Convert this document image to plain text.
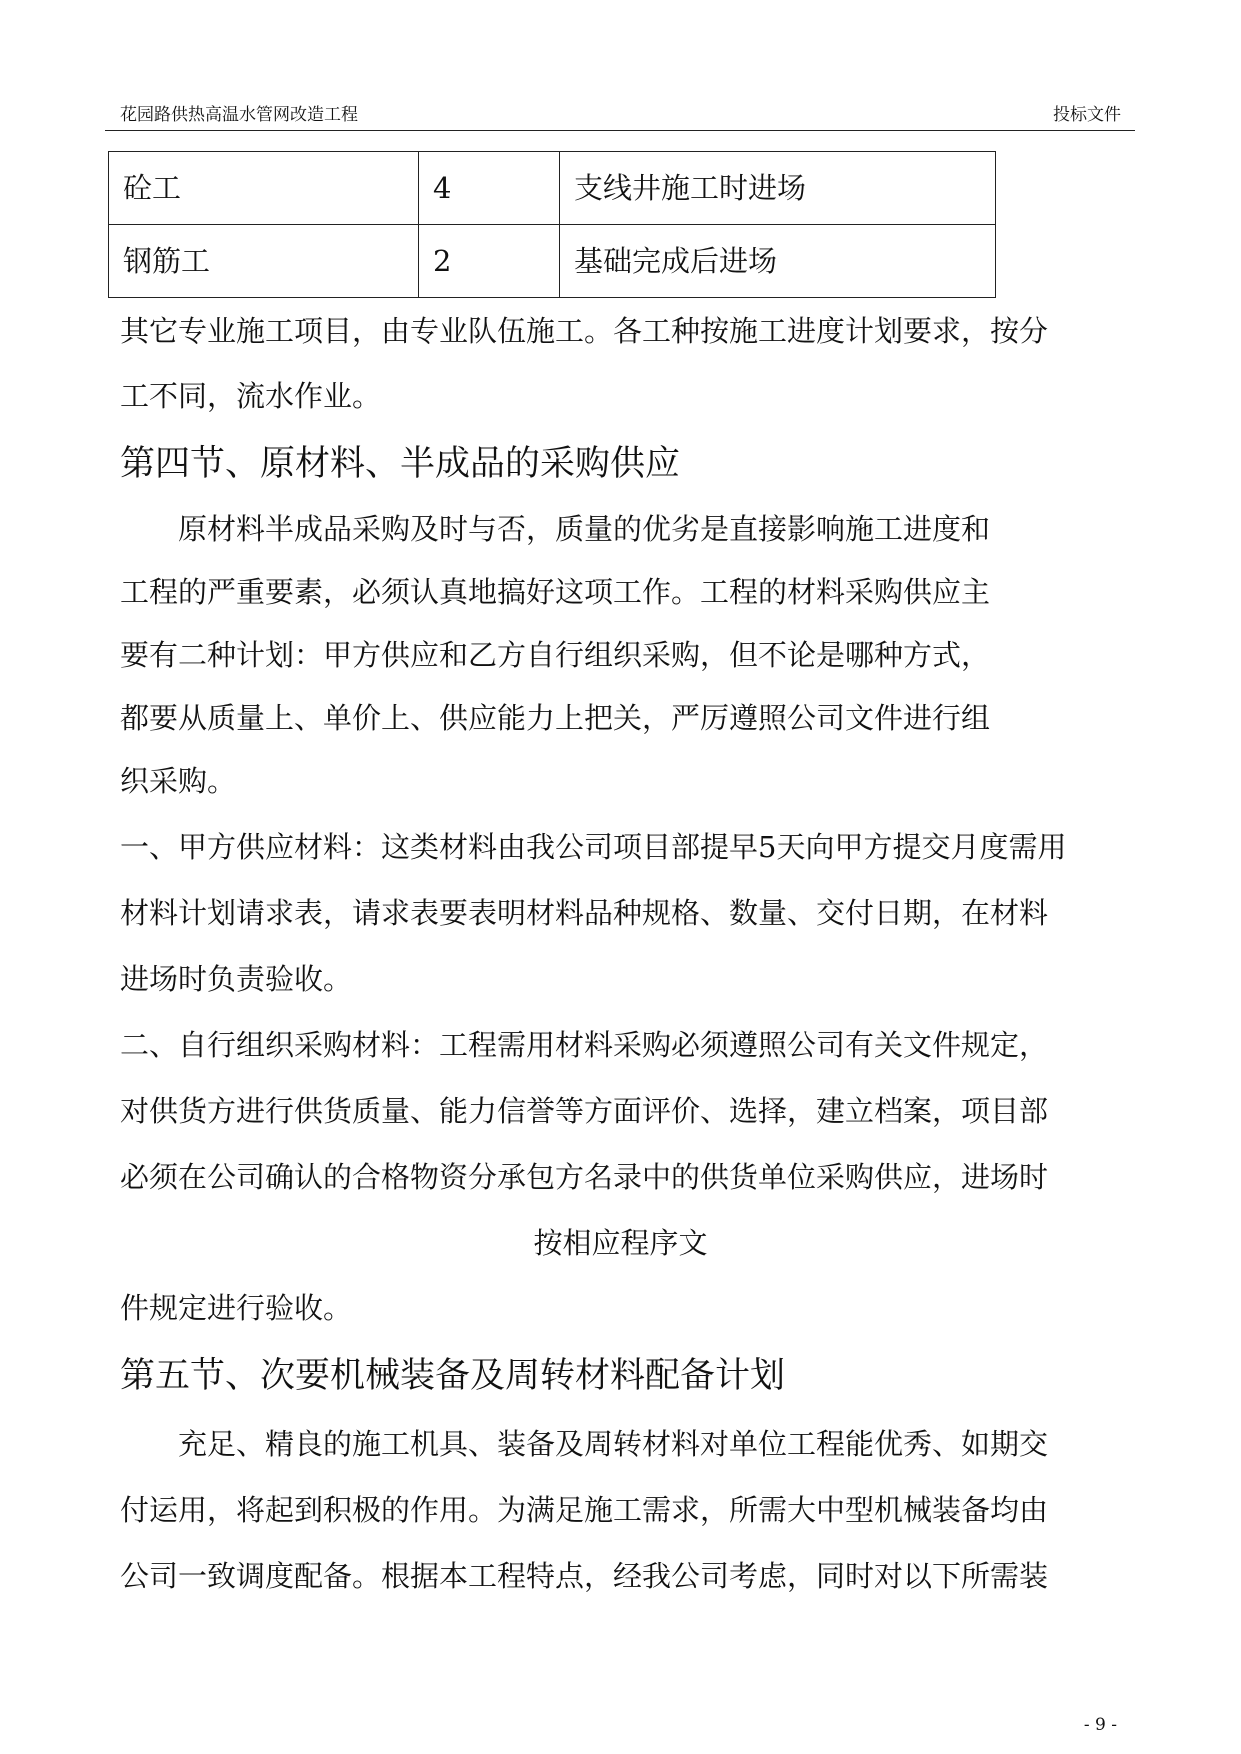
花园路供热高温水管网改造工程	投标文件
砼工	4	支线井施工时进场
钢筋工	2	基础完成后进场
其它专业施工项目，由专业队伍施工。各工种按施工进度计划要求，按分
工不同，流水作业。
第四节、原材料、半成品的采购供应
原材料半成品采购及时与否，质量的优劣是直接影响施工进度和
工程的严重要素，必须认真地搞好这项工作。工程的材料采购供应主
要有二种计划：甲方供应和乙方自行组织采购，但不论是哪种方式，
都要从质量上、单价上、供应能力上把关，严厉遵照公司文件进行组
织采购。
一、甲方供应材料：这类材料由我公司项目部提早5天向甲方提交月度需用
材料计划请求表，请求表要表明材料品种规格、数量、交付日期，在材料
进场时负责验收。
二、自行组织采购材料：工程需用材料采购必须遵照公司有关文件规定，
对供货方进行供货质量、能力信誉等方面评价、选择，建立档案，项目部
必须在公司确认的合格物资分承包方名录中的供货单位采购供应，进场时
按相应程序文
件规定进行验收。
第五节、次要机械装备及周转材料配备计划
充足、精良的施工机具、装备及周转材料对单位工程能优秀、如期交
付运用，将起到积极的作用。为满足施工需求，所需大中型机械装备均由
公司一致调度配备。根据本工程特点，经我公司考虑，同时对以下所需装
- 9 -
